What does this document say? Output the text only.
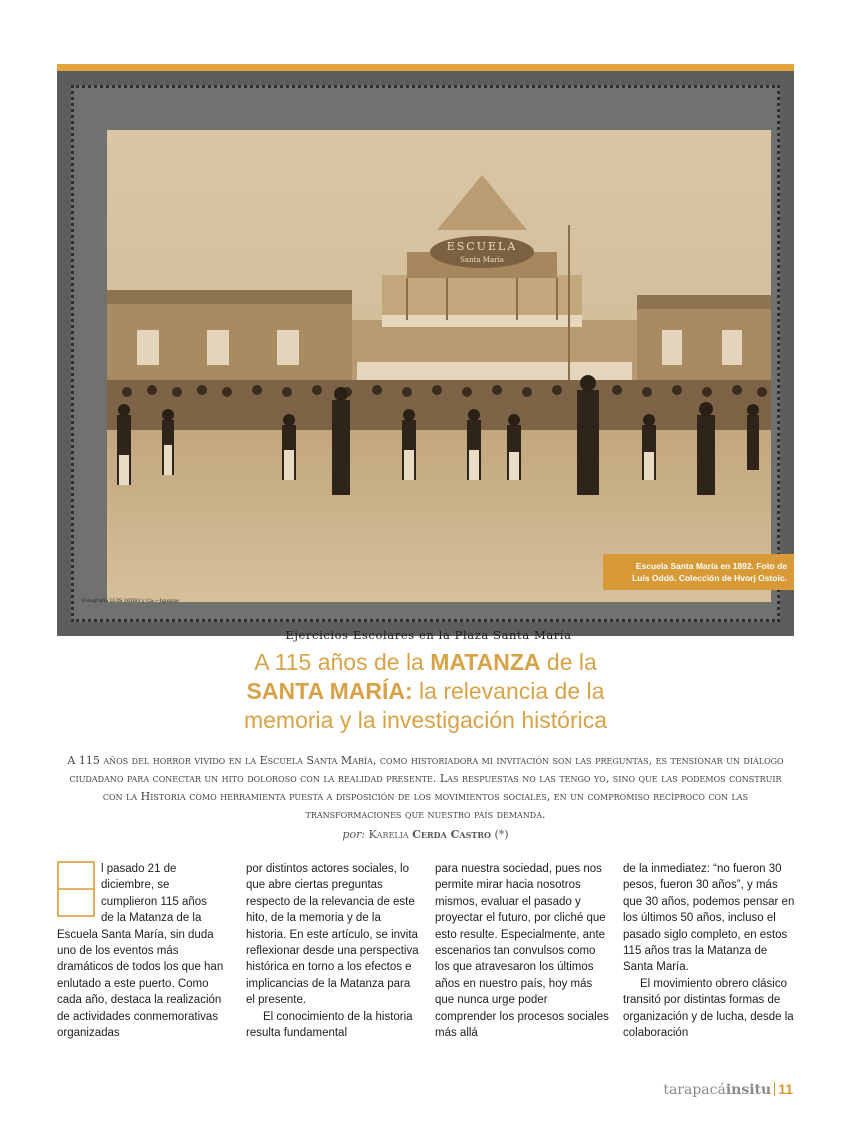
ESCUELA
Santa María
Fotografía LUIS ODDO y Ca.—Iquique
Ejercicios Escolares en la Plaza Santa María
Escuela Santa María en 1892. Foto de
Luis Oddó. Colección de Hvorj Ostoic.
A 115 años de la MATANZA de la
SANTA MARÍA: la relevancia de la
memoria y la investigación histórica

A 115 años del horror vivido en la Escuela Santa María, como historiadora mi invitación son las preguntas, es tensionar un diálogo ciudadano para conectar un hito doloroso con la realidad presente. Las respuestas no las tengo yo, sino que las podemos construir con la Historia como herramienta puesta a disposición de los movimientos sociales, en un compromiso recíproco con las transformaciones que nuestro país demanda.

por: Karelia Cerda Castro (*)

l pasado 21 de
diciembre, se
cumplieron 115 años
de la Matanza de la
Escuela Santa María, sin duda uno de los eventos más dramáticos de todos los que han enlutado a este puerto. Como cada año, destaca la realización de actividades conmemorativas organizadas

por distintos actores sociales, lo que abre ciertas preguntas respecto de la relevancia de este hito, de la memoria y de la historia. En este artículo, se invita reflexionar desde una perspectiva histórica en torno a los efectos e implicancias de la Matanza para el presente.

El conocimiento de la historia resulta fundamental

para nuestra sociedad, pues nos permite mirar hacia nosotros mismos, evaluar el pasado y proyectar el futuro, por cliché que esto resulte. Especialmente, ante escenarios tan convulsos como los que atravesaron los últimos años en nuestro país, hoy más que nunca urge poder comprender los procesos sociales más allá

de la inmediatez: “no fueron 30 pesos, fueron 30 años”, y más que 30 años, podemos pensar en los últimos 50 años, incluso el pasado siglo completo, en estos 115 años tras la Matanza de Santa María.

El movimiento obrero clásico transitó por distintas formas de organización y de lucha, desde la colaboración

tarapacáinsitu 11
